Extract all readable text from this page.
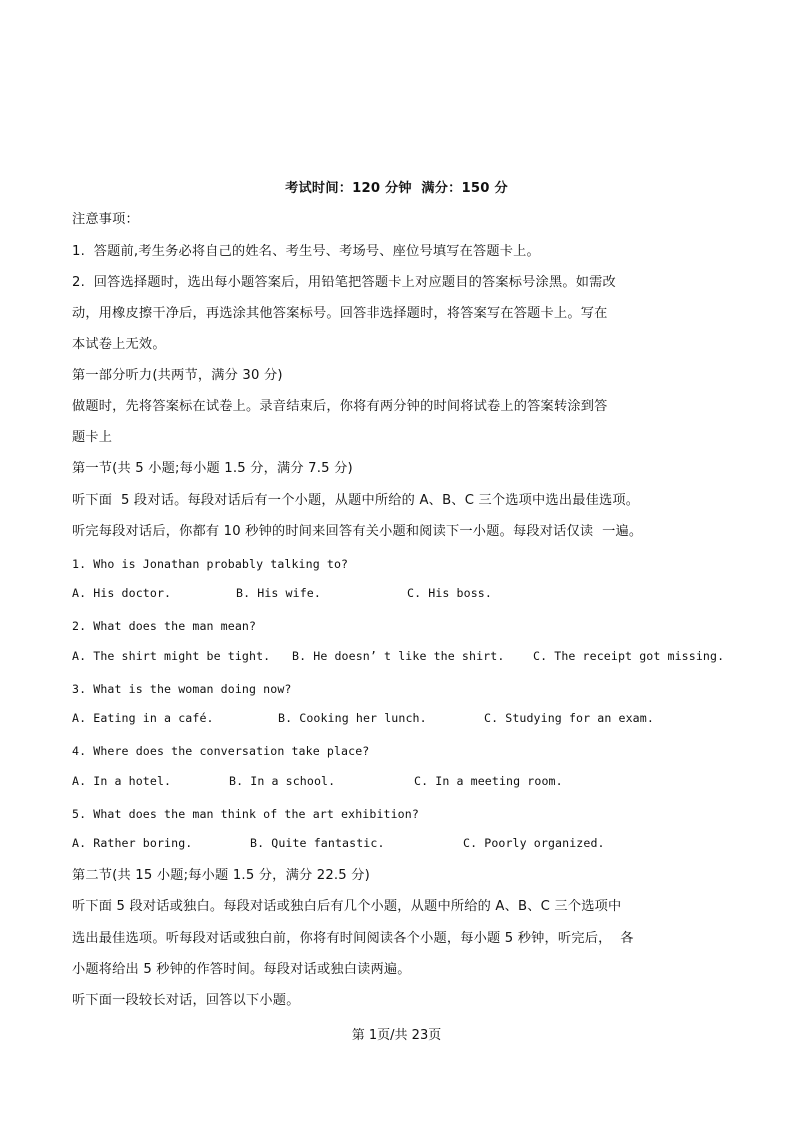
考试时间：120 分钟  满分：150 分
注意事项：
1.  答题前,考生务必将自己的姓名、考生号、考场号、座位号填写在答题卡上。
2.  回答选择题时，选出每小题答案后，用铅笔把答题卡上对应题目的答案标号涂黑。如需改
动，用橡皮擦干净后，再选涂其他答案标号。回答非选择题时，将答案写在答题卡上。写在
本试卷上无效。
第一部分听力(共两节，满分 30 分)
做题时，先将答案标在试卷上。录音结束后，你将有两分钟的时间将试卷上的答案转涂到答
题卡上
第一节(共 5 小题;每小题 1.5 分，满分 7.5 分)
听下面  5 段对话。每段对话后有一个小题，从题中所给的 A、B、C 三个选项中选出最佳选项。
听完每段对话后，你都有 10 秒钟的时间来回答有关小题和阅读下一小题。每段对话仅读  一遍。
1. Who is Jonathan probably talking to?
A. His doctor.	B. His wife.	C. His boss.
2. What does the man mean?
A. The shirt might be tight. B. He doesn’ t like the shirt. C. The receipt got missing.
3. What is the woman doing now?
A. Eating in a café.	B. Cooking her lunch.	C. Studying for an exam.
4. Where does the conversation take place?
A. In a hotel.	B. In a school.	C. In a meeting room.
5. What does the man think of the art exhibition?
A. Rather boring.	B. Quite fantastic.	C. Poorly organized.
第二节(共 15 小题;每小题 1.5 分，满分 22.5 分)
听下面 5 段对话或独白。每段对话或独白后有几个小题，从题中所给的 A、B、C 三个选项中
选出最佳选项。听每段对话或独白前，你将有时间阅读各个小题，每小题 5 秒钟，听完后，  各
小题将给出 5 秒钟的作答时间。每段对话或独白读两遍。
听下面一段较长对话，回答以下小题。
第 1页/共 23页
